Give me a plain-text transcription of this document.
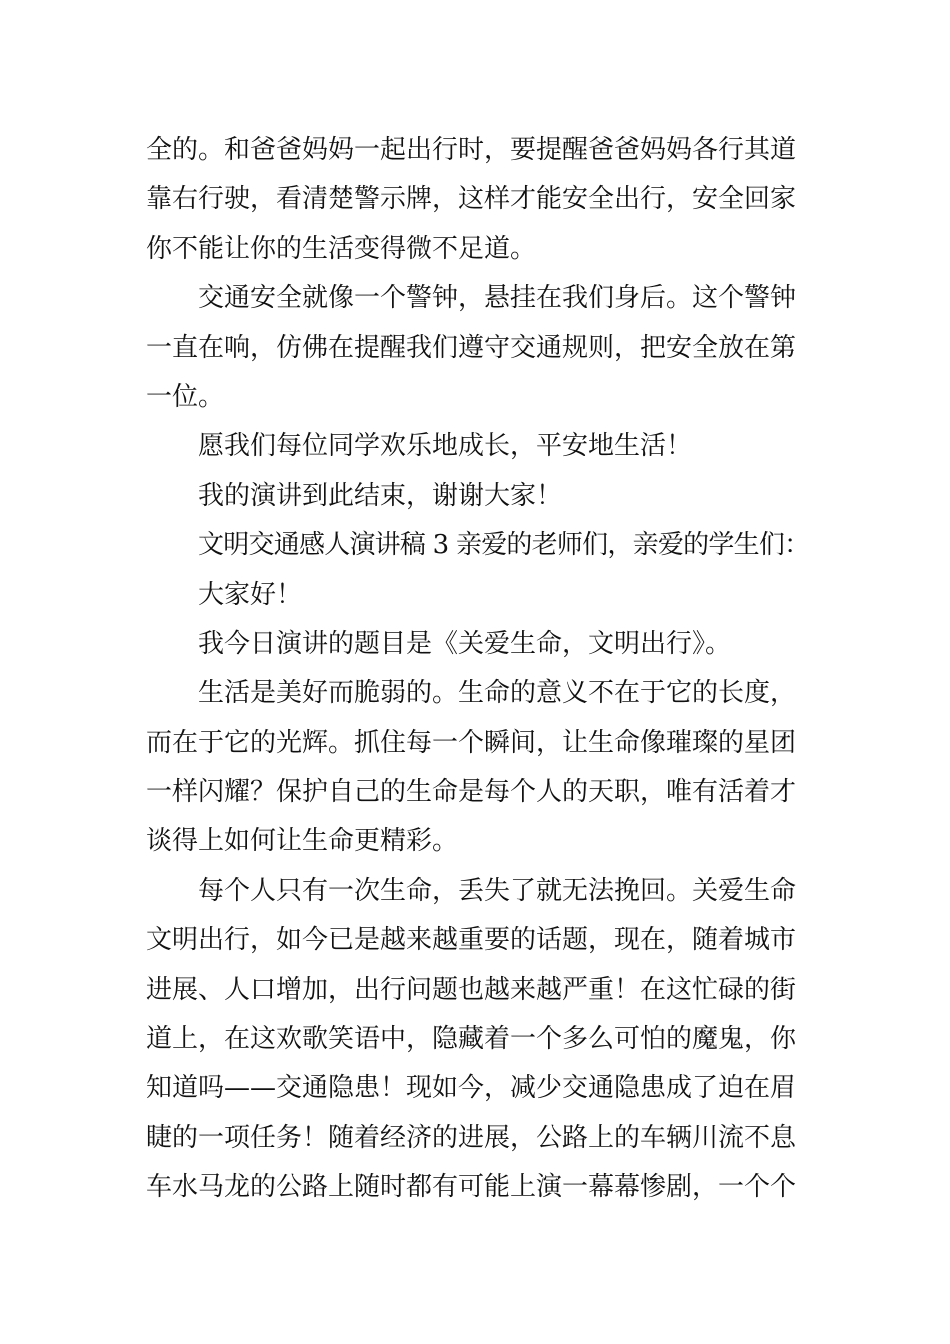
全的。和爸爸妈妈一起出行时，要提醒爸爸妈妈各行其道
靠右行驶，看清楚警示牌，这样才能安全出行，安全回家
你不能让你的生活变得微不足道。
交通安全就像一个警钟，悬挂在我们身后。这个警钟
一直在响，仿佛在提醒我们遵守交通规则，把安全放在第
一位。
愿我们每位同学欢乐地成长，平安地生活！
我的演讲到此结束，谢谢大家！
文明交通感人演讲稿 3 亲爱的老师们，亲爱的学生们：
大家好！
我今日演讲的题目是《关爱生命，文明出行》。
生活是美好而脆弱的。生命的意义不在于它的长度，
而在于它的光辉。抓住每一个瞬间，让生命像璀璨的星团
一样闪耀？保护自己的生命是每个人的天职，唯有活着才
谈得上如何让生命更精彩。
每个人只有一次生命，丢失了就无法挽回。关爱生命
文明出行，如今已是越来越重要的话题，现在，随着城市
进展、人口增加，出行问题也越来越严重！在这忙碌的街
道上，在这欢歌笑语中，隐藏着一个多么可怕的魔鬼，你
知道吗——交通隐患！现如今，减少交通隐患成了迫在眉
睫的一项任务！随着经济的进展，公路上的车辆川流不息
车水马龙的公路上随时都有可能上演一幕幕惨剧，一个个
